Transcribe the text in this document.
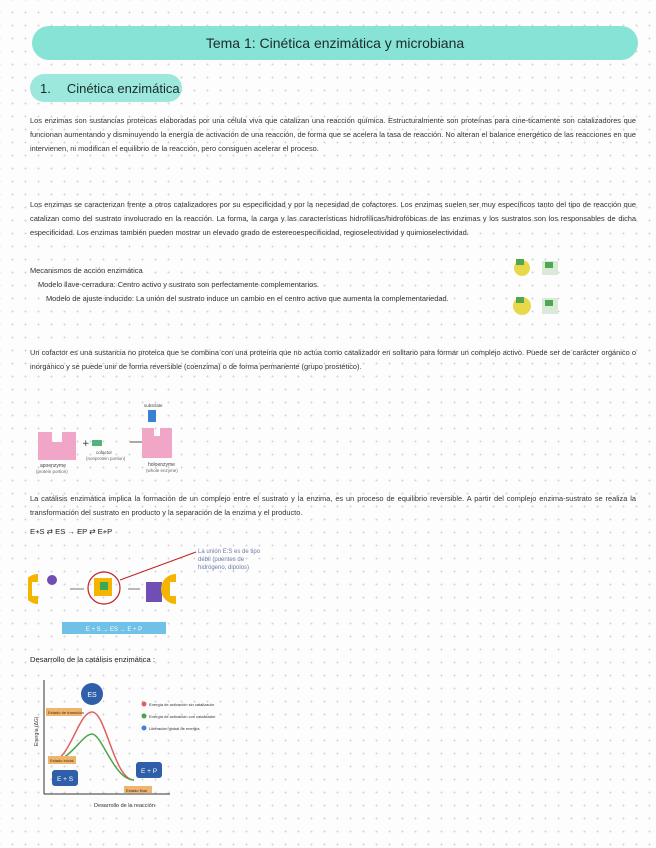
Tema 1: Cinética enzimática y microbiana
1. Cinética enzimática

Los enzimas son sustancias proteicas elaboradas por una célula viva que catalizan una reacción química. Estructuralmente son proteínas para cine-ticamente son catalizadores que funcionan aumentando y disminuyendo la energía de activación de una reacción, de forma que se acelera la tasa de reacción. No alteran el balance energético de las reacciones en que intervienen, ni modifican el equilibrio de la reacción, pero consiguen acelerar el proceso.

Los enzimas se caracterizan frente a otros catalizadores por su especificidad y por la necesidad de cofactores. Los enzimas suelen ser muy específicos tanto del tipo de reacción que catalizan como del sustrato involucrado en la reacción. La forma, la carga y las características hidrofílicas/hidrofóbicas de las enzimas y los sustratos son los responsables de dicha especificidad. Los enzimas también pueden mostrar un elevado grado de estereoespecificidad, regioselectividad y quimioselectividad.

Mecanismos de acción enzimática
Modelo llave-cerradura: Centro activo y sustrato son perfectamente complementarios.
Modelo de ajuste inducido: La unión del sustrato induce un cambio en el centro activo que aumenta la complementariedad.

Un cofactor es una sustancia no proteica que se combina con una proteína que no actúa como catalizador en solitario para formar un complejo activo. Puede ser de carácter orgánico o inorgánico y se puede unir de forma reversible (coenzima) o de forma permanente (grupo prostético).

apoenzyme
(protein portion)
+
cofactor
(nonprotein portion)
substrate
holoenzyme
(whole enzyme)

La catálisis enzimática implica la formación de un complejo entre el sustrato y la enzima, es un proceso de equilibrio reversible. A partir del complejo enzima-sustrato se realiza la transformación del sustrato en producto y la separación de la enzima y el producto.

E+S ⇄ ES → EP ⇄ E+P
E + S → ES → E + P
La unión E:S es de tipo débil (puentes de hidrógeno, dipolos)
Desarrollo de la catálisis enzimática :
Energía (ΔG)
Desarrollo de la reacción
ES
Estado de transición
Estado inicial
Estado final
E + S
E + P
Energía de activación sin catalizador
Energía de activación con catalizador
Liberación global de energía
